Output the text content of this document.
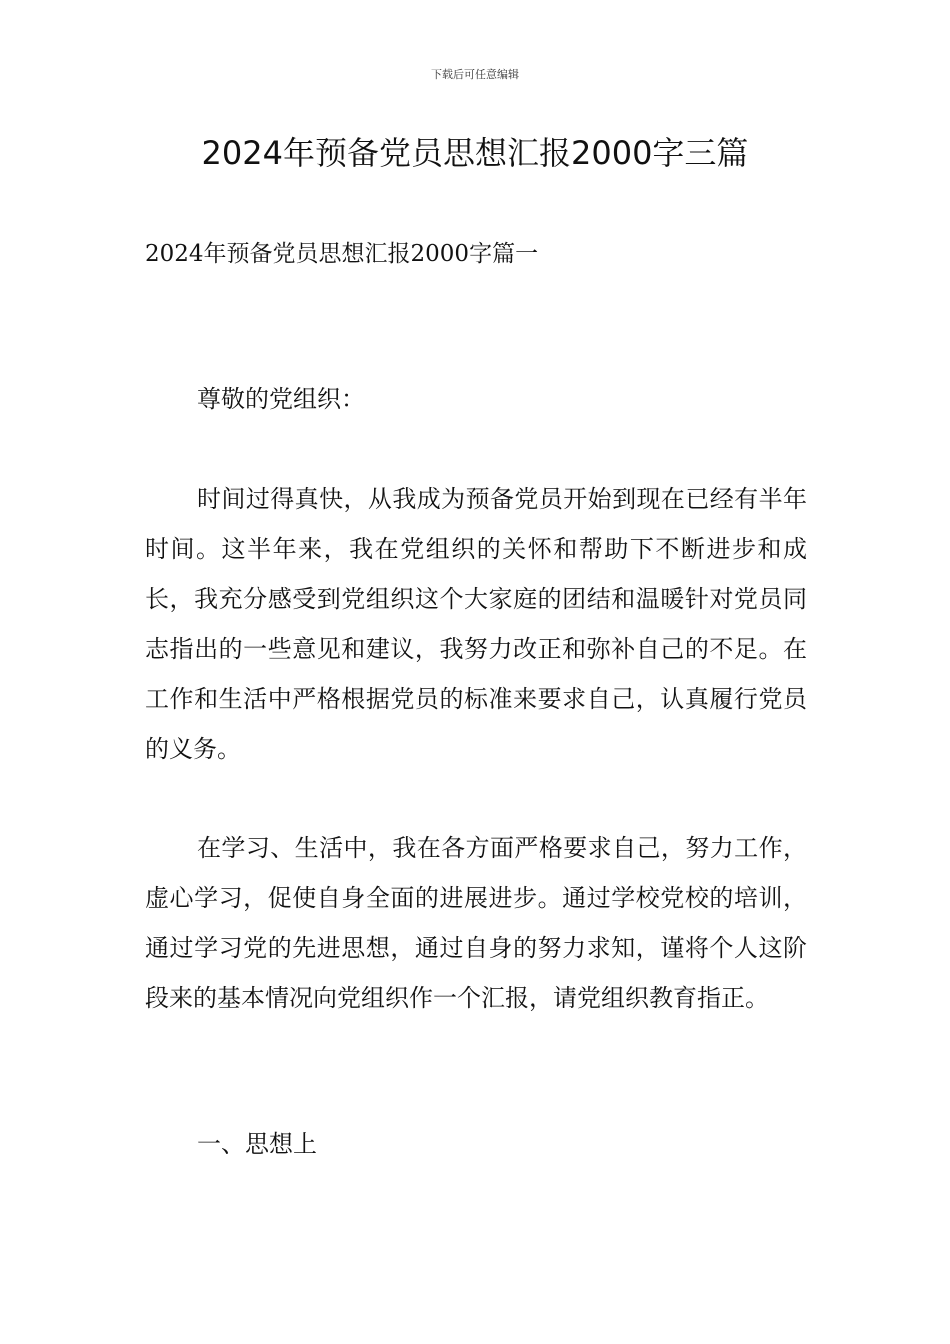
下载后可任意编辑
2024年预备党员思想汇报2000字三篇

2024年预备党员思想汇报2000字篇一

尊敬的党组织：

时间过得真快，从我成为预备党员开始到现在已经有半年时间。这半年来，我在党组织的关怀和帮助下不断进步和成长，我充分感受到党组织这个大家庭的团结和温暖针对党员同志指出的一些意见和建议，我努力改正和弥补自己的不足。在工作和生活中严格根据党员的标准来要求自己，认真履行党员的义务。

在学习、生活中，我在各方面严格要求自己，努力工作，虚心学习，促使自身全面的进展进步。通过学校党校的培训，通过学习党的先进思想，通过自身的努力求知，谨将个人这阶段来的基本情况向党组织作一个汇报，请党组织教育指正。

一、思想上
